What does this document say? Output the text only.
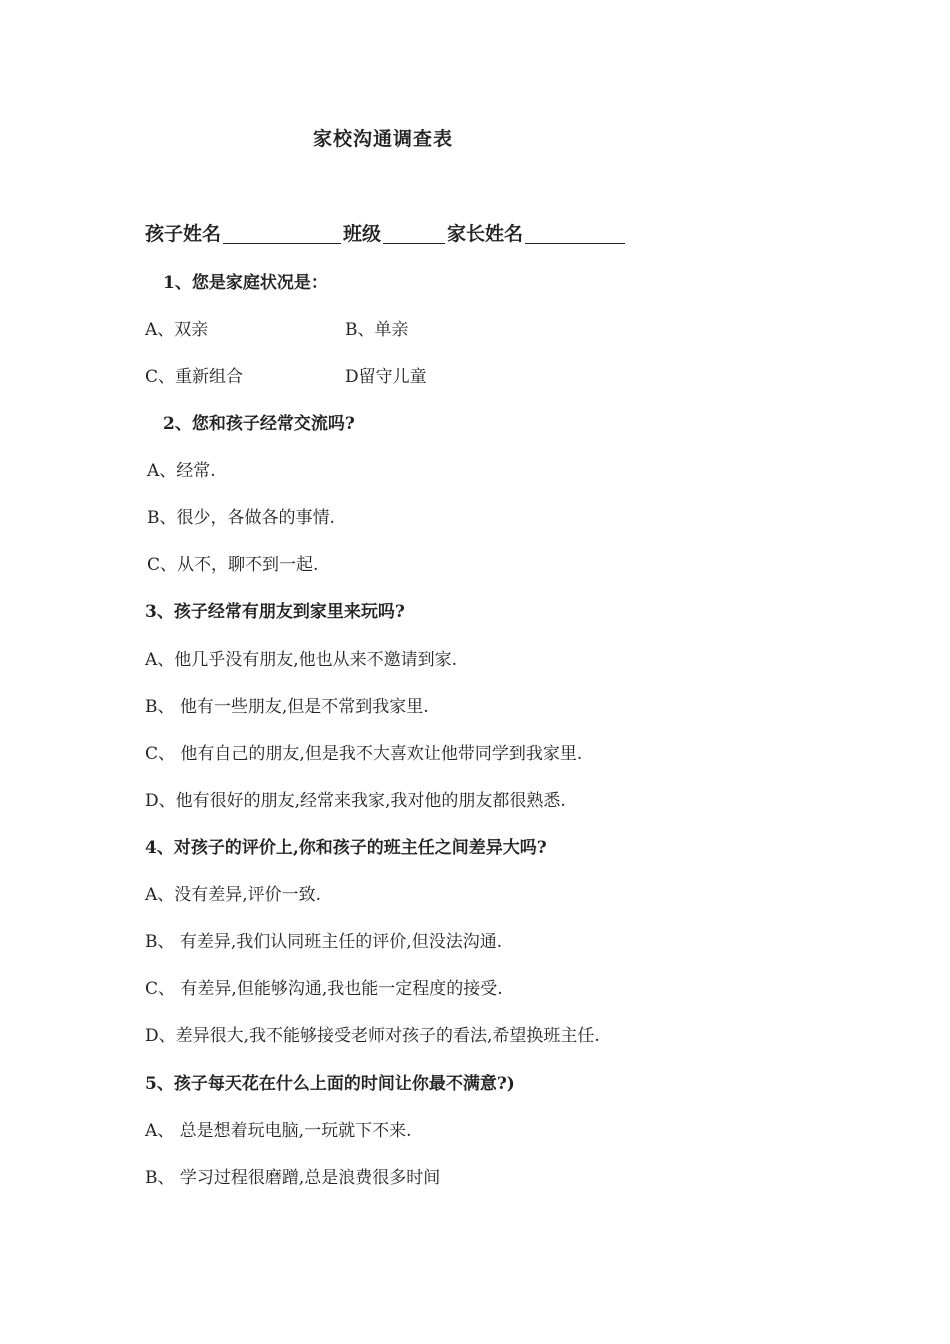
家校沟通调查表
孩子姓名	班级	家长姓名
1、您是家庭状况是：
A、双亲	B、单亲
C、重新组合	D留守儿童
2、您和孩子经常交流吗?
A、经常.
B、很少，各做各的事情.
C、从不，聊不到一起.
3、孩子经常有朋友到家里来玩吗?
A、他几乎没有朋友,他也从来不邀请到家.
B、 他有一些朋友,但是不常到我家里.
C、 他有自己的朋友,但是我不大喜欢让他带同学到我家里.
D、他有很好的朋友,经常来我家,我对他的朋友都很熟悉.
4、对孩子的评价上,你和孩子的班主任之间差异大吗?
A、没有差异,评价一致.
B、 有差异,我们认同班主任的评价,但没法沟通.
C、 有差异,但能够沟通,我也能一定程度的接受.
D、差异很大,我不能够接受老师对孩子的看法,希望换班主任.
5、孩子每天花在什么上面的时间让你最不满意?)
A、 总是想着玩电脑,一玩就下不来.
B、 学习过程很磨蹭,总是浪费很多时间
